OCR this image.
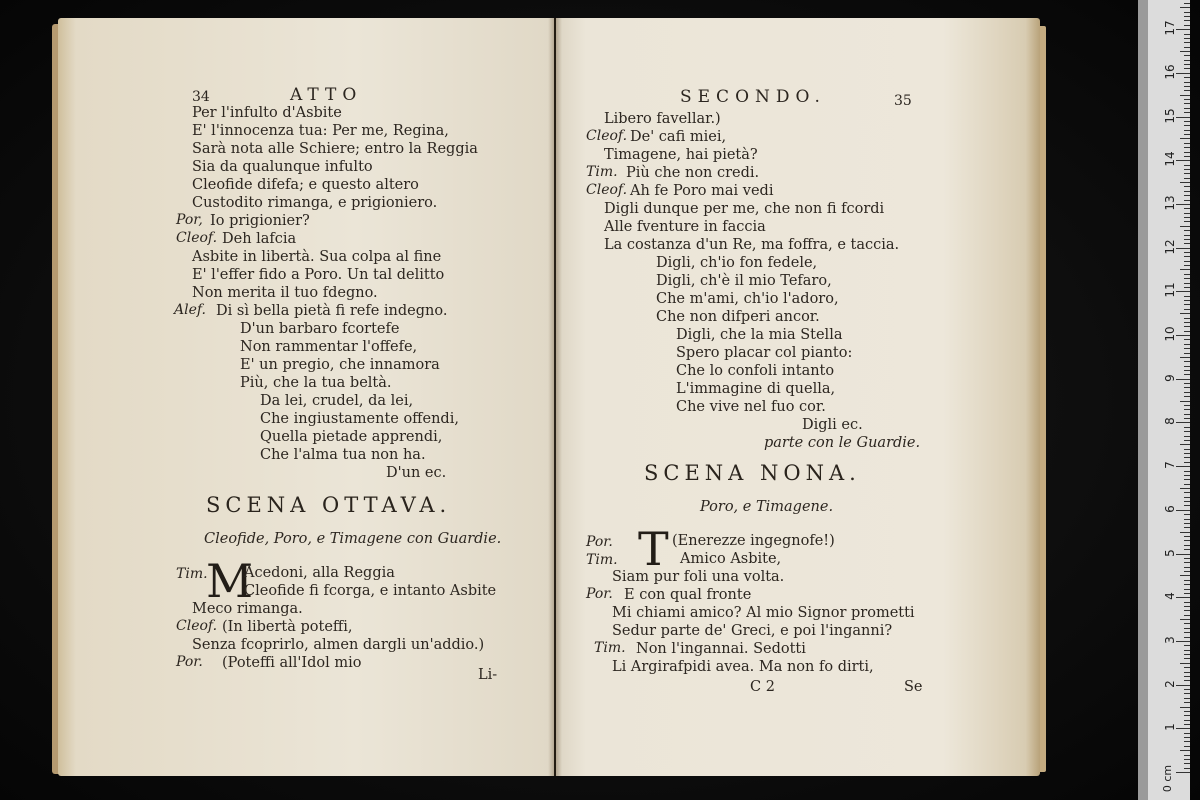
34	ATTO
Per l'infulto d'Asbite
E' l'innocenza tua: Per me, Regina,
Sarà nota alle Schiere; entro la Reggia
Sia da qualunque infulto
Cleofide difefa; e questo altero
Custodito rimanga, e prigioniero.
Por, Io prigionier?
Cleof. Deh lafcia
Asbite in libertà. Sua colpa al fine
E' l'effer fido a Poro. Un tal delitto
Non merita il tuo fdegno.
Alef. Di sì bella pietà fi refe indegno.
D'un barbaro fcortefe
Non rammentar l'offefe,
E' un pregio, che innamora
Più, che la tua beltà.
Da lei, crudel, da lei,
Che ingiustamente offendi,
Quella pietade apprendi,
Che l'alma tua non ha.
D'un ec.
SCENA OTTAVA.
Cleofide, Poro, e Timagene con Guardie.
Tim.
M
Acedoni, alla Reggia
Cleofide fi fcorga, e intanto Asbite
Meco rimanga.
Cleof. (In libertà poteffi,
Senza fcoprirlo, almen dargli un'addio.)
Por. (Poteffi all'Idol mio
Li-
SECONDO.	35
Libero favellar.)
Cleof. De' cafi miei,
Timagene, hai pietà?
Tim. Più che non credi.
Cleof. Ah fe Poro mai vedi
Digli dunque per me, che non fi fcordi
Alle fventure in faccia
La costanza d'un Re, ma foffra, e taccia.
Digli, ch'io fon fedele,
Digli, ch'è il mio Tefaro,
Che m'ami, ch'io l'adoro,
Che non difperi ancor.
Digli, che la mia Stella
Spero placar col pianto:
Che lo confoli intanto
L'immagine di quella,
Che vive nel fuo cor.
Digli ec.
parte con le Guardie.
SCENA NONA.
Poro, e Timagene.
Por. T (Enerezze ingegnofe!)
Tim.	Amico Asbite,
Siam pur foli una volta.
Por. E con qual fronte
Mi chiami amico? Al mio Signor prometti
Sedur parte de' Greci, e poi l'inganni?
Tim. Non l'ingannai. Sedotti
Li Argirafpidi avea. Ma non fo dirti,
C 2	Se
1
2
3
4
5
6
7
8
9
10
11
12
13
14
15
16
17
0 cm
